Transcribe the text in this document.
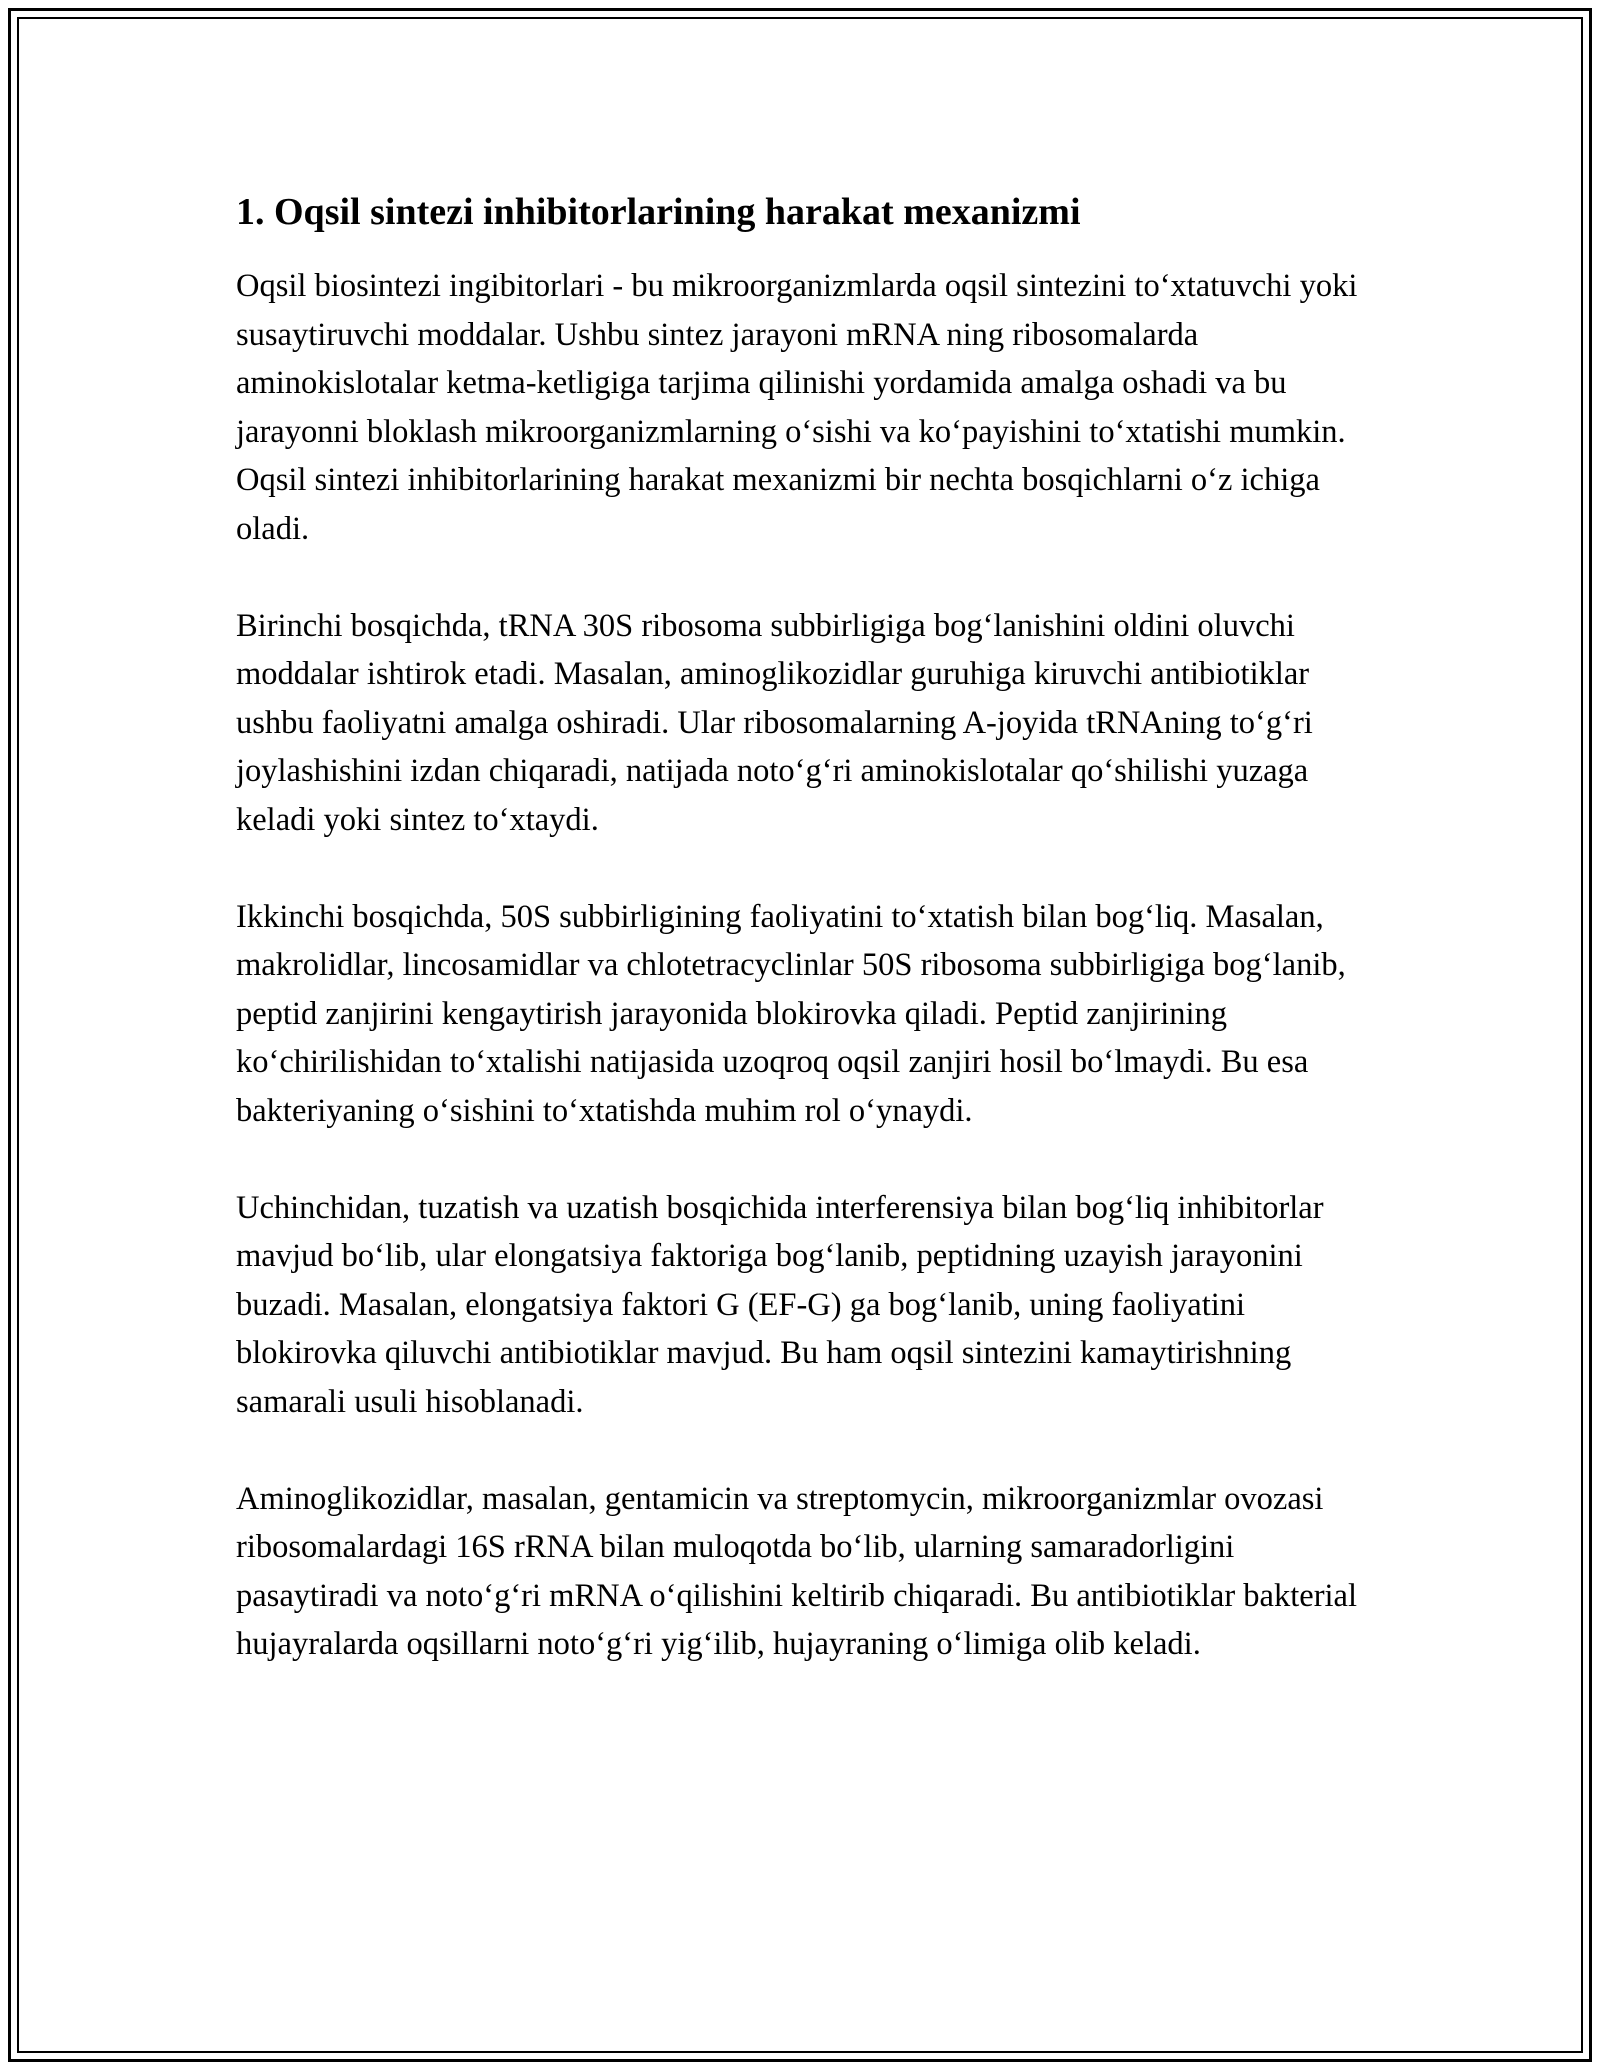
1. Oqsil sintezi inhibitorlarining harakat mexanizmi

Oqsil biosintezi ingibitorlari - bu mikroorganizmlarda oqsil sintezini to‘xtatuvchi yoki susaytiruvchi moddalar. Ushbu sintez jarayoni mRNA ning ribosomalarda aminokislotalar ketma-ketligiga tarjima qilinishi yordamida amalga oshadi va bu jarayonni bloklash mikroorganizmlarning o‘sishi va ko‘payishini to‘xtatishi mumkin. Oqsil sintezi inhibitorlarining harakat mexanizmi bir nechta bosqichlarni o‘z ichiga oladi.

Birinchi bosqichda, tRNA 30S ribosoma subbirligiga bog‘lanishini oldini oluvchi moddalar ishtirok etadi. Masalan, aminoglikozidlar guruhiga kiruvchi antibiotiklar ushbu faoliyatni amalga oshiradi. Ular ribosomalarning A-joyida tRNAning to‘g‘ri joylashishini izdan chiqaradi, natijada noto‘g‘ri aminokislotalar qo‘shilishi yuzaga keladi yoki sintez to‘xtaydi.

Ikkinchi bosqichda, 50S subbirligining faoliyatini to‘xtatish bilan bog‘liq. Masalan, makrolidlar, lincosamidlar va chlotetracyclinlar 50S ribosoma subbirligiga bog‘lanib, peptid zanjirini kengaytirish jarayonida blokirovka qiladi. Peptid zanjirining ko‘chirilishidan to‘xtalishi natijasida uzoqroq oqsil zanjiri hosil bo‘lmaydi. Bu esa bakteriyaning o‘sishini to‘xtatishda muhim rol o‘ynaydi.

Uchinchidan, tuzatish va uzatish bosqichida interferensiya bilan bog‘liq inhibitorlar mavjud bo‘lib, ular elongatsiya faktoriga bog‘lanib, peptidning uzayish jarayonini buzadi. Masalan, elongatsiya faktori G (EF-G) ga bog‘lanib, uning faoliyatini blokirovka qiluvchi antibiotiklar mavjud. Bu ham oqsil sintezini kamaytirishning samarali usuli hisoblanadi.

Aminoglikozidlar, masalan, gentamicin va streptomycin, mikroorganizmlar ovozasi ribosomalardagi 16S rRNA bilan muloqotda bo‘lib, ularning samaradorligini pasaytiradi va noto‘g‘ri mRNA o‘qilishini keltirib chiqaradi. Bu antibiotiklar bakterial hujayralarda oqsillarni noto‘g‘ri yig‘ilib, hujayraning o‘limiga olib keladi.
